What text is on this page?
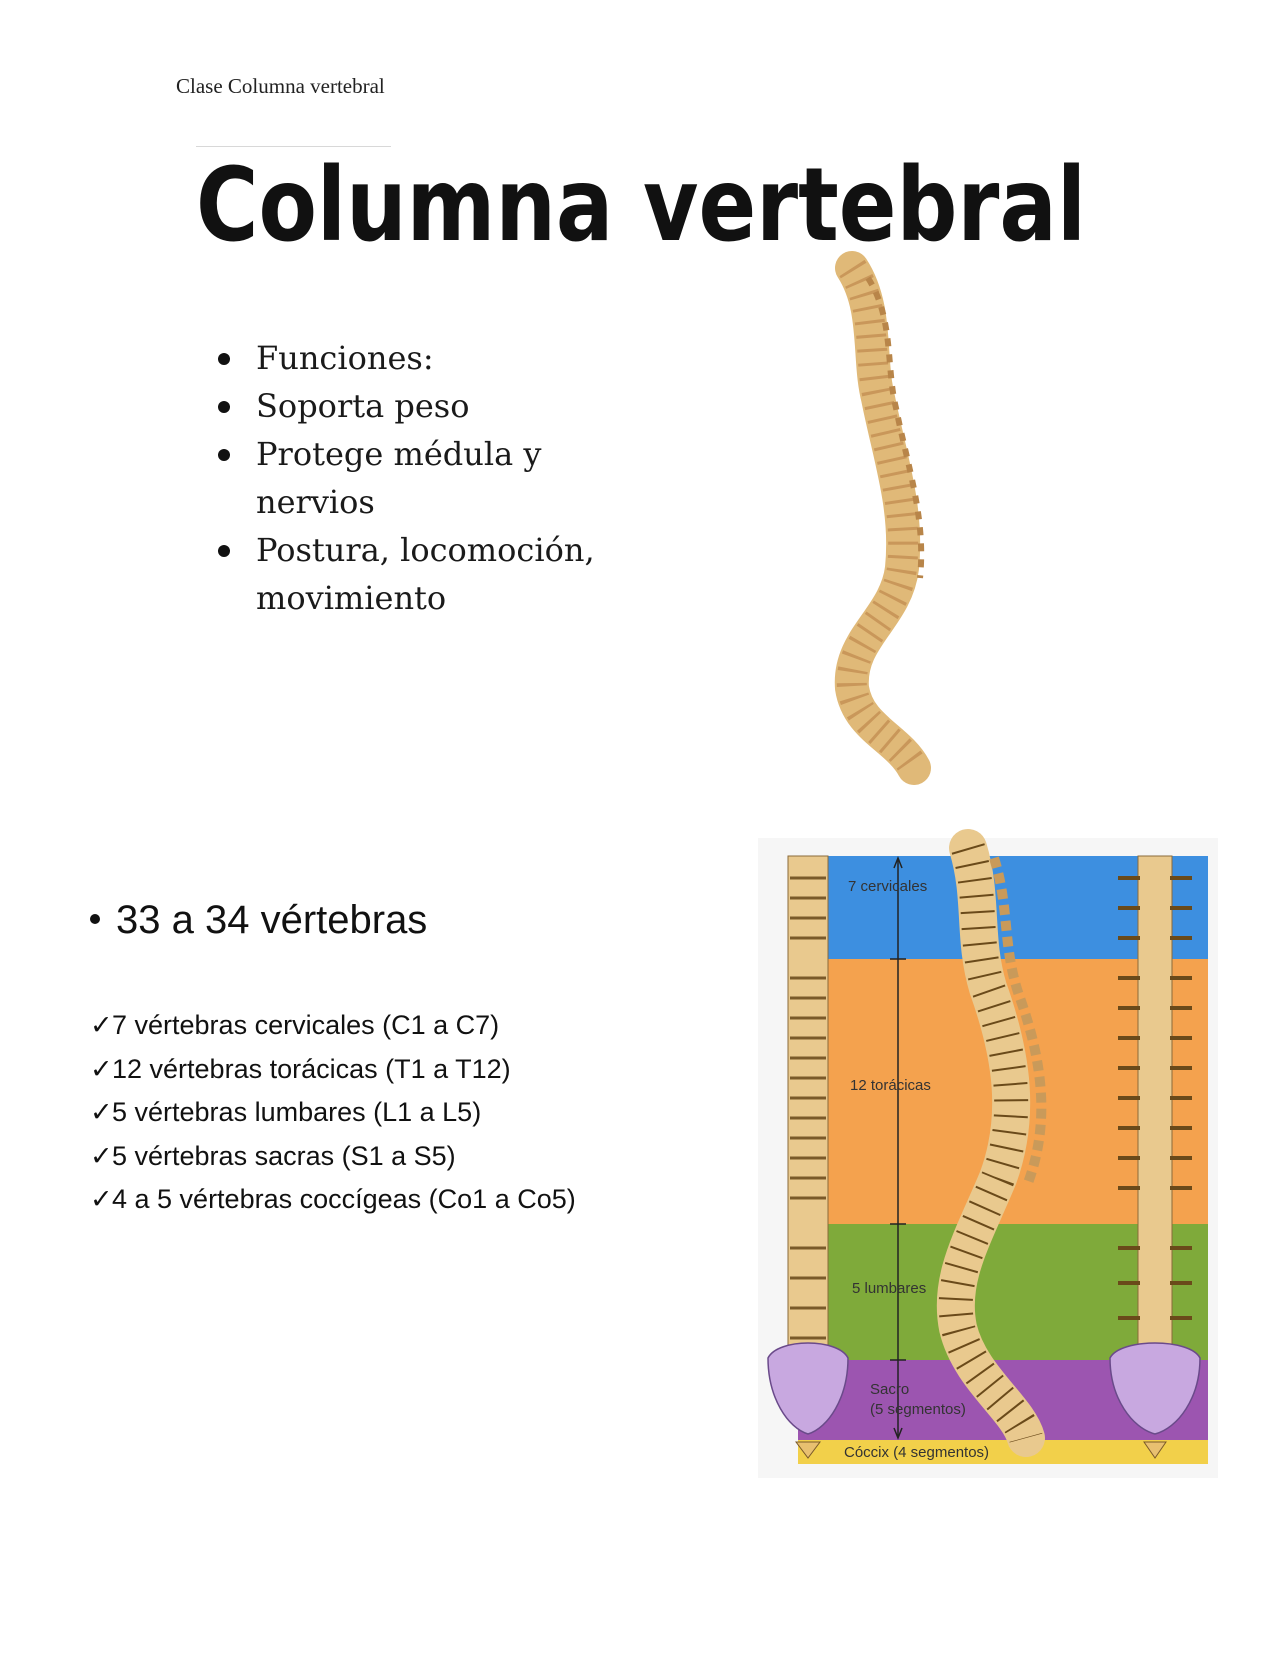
Clase Columna vertebral
Columna vertebral
Funciones:
Soporta peso
Protege médula y nervios
Postura, locomoción, movimiento
33 a 34 vértebras
✓7 vértebras cervicales (C1 a C7)
✓12 vértebras torácicas (T1 a T12)
✓5 vértebras lumbares (L1 a L5)
✓5 vértebras sacras (S1 a S5)
✓4 a 5 vértebras coccígeas (Co1 a Co5)
7 cervicales
12 torácicas
5 lumbares
Sacro
(5 segmentos)
Cóccix (4 segmentos)
